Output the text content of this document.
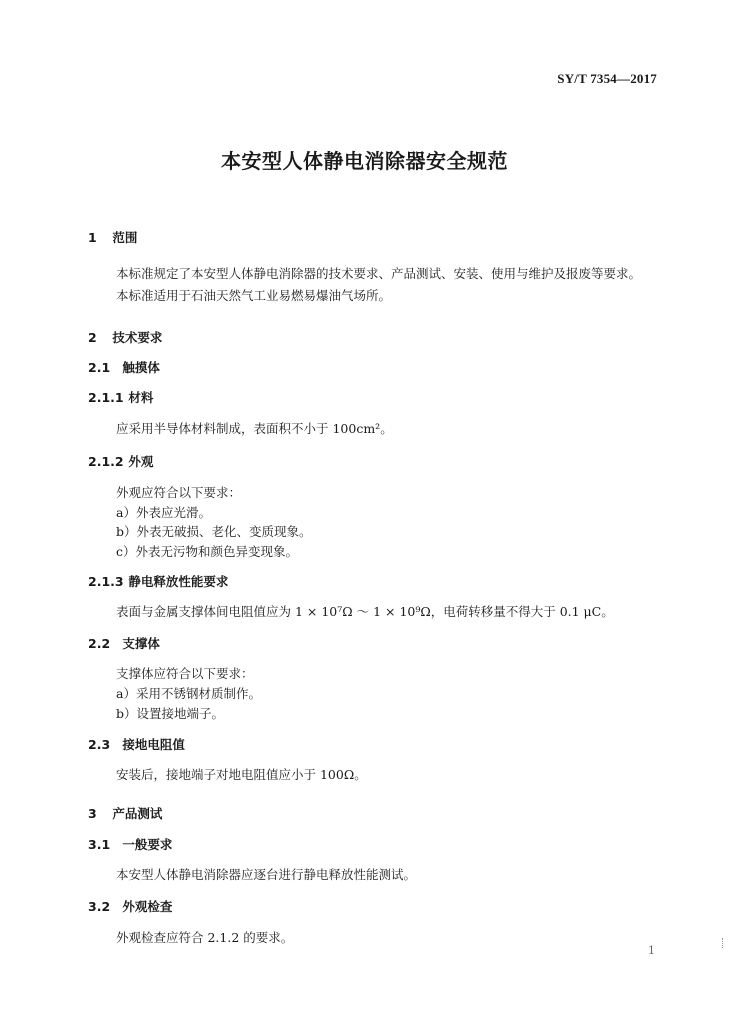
SY/T 7354—2017
本安型人体静电消除器安全规范
1 范围
本标准规定了本安型人体静电消除器的技术要求、产品测试、安装、使用与维护及报废等要求。
本标准适用于石油天然气工业易燃易爆油气场所。
2 技术要求
2.1 触摸体
2.1.1 材料
应采用半导体材料制成，表面积不小于 100cm²。
2.1.2 外观
外观应符合以下要求：
a）外表应光滑。
b）外表无破损、老化、变质现象。
c）外表无污物和颜色异变现象。
2.1.3 静电释放性能要求
表面与金属支撑体间电阻值应为 1 × 10⁷Ω ～ 1 × 10⁹Ω，电荷转移量不得大于 0.1 μC。
2.2 支撑体
支撑体应符合以下要求：
a）采用不锈钢材质制作。
b）设置接地端子。
2.3 接地电阻值
安装后，接地端子对地电阻值应小于 100Ω。
3 产品测试
3.1 一般要求
本安型人体静电消除器应逐台进行静电释放性能测试。
3.2 外观检查
外观检查应符合 2.1.2 的要求。
1
